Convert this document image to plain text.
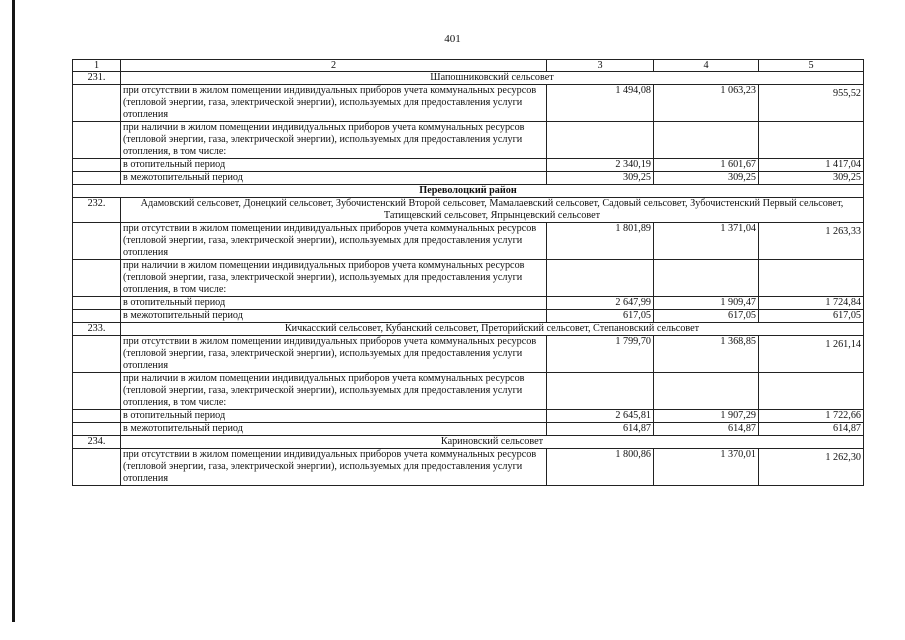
401
1	2	3	4	5
231.	Шапошниковский сельсовет			
	при отсутствии в жилом помещении индивидуальных приборов учета коммунальных ресурсов (тепловой энергии, газа, электрической энергии), используемых для предоставления услуги отопления	1 494,08	1 063,23	955,52
	при наличии в жилом помещении индивидуальных приборов учета коммунальных ресурсов (тепловой энергии, газа, электрической энергии), используемых для предоставления услуги отопления, в том числе:			
	в отопительный период	2 340,19	1 601,67	1 417,04
	в межотопительный период	309,25	309,25	309,25
Переволоцкий район				
232.	Адамовский сельсовет, Донецкий сельсовет, Зубочистенский Второй сельсовет, Мамалаевский сельсовет, Садовый сельсовет, Зубочистенский Первый сельсовет, Татищевский сельсовет, Япрынцевский сельсовет			
	при отсутствии в жилом помещении индивидуальных приборов учета коммунальных ресурсов (тепловой энергии, газа, электрической энергии), используемых для предоставления услуги отопления	1 801,89	1 371,04	1 263,33
	при наличии в жилом помещении индивидуальных приборов учета коммунальных ресурсов (тепловой энергии, газа, электрической энергии), используемых для предоставления услуги отопления, в том числе:			
	в отопительный период	2 647,99	1 909,47	1 724,84
	в межотопительный период	617,05	617,05	617,05
233.	Кичкасский сельсовет, Кубанский сельсовет, Преторийский сельсовет, Степановский сельсовет			
	при отсутствии в жилом помещении индивидуальных приборов учета коммунальных ресурсов (тепловой энергии, газа, электрической энергии), используемых для предоставления услуги отопления	1 799,70	1 368,85	1 261,14
	при наличии в жилом помещении индивидуальных приборов учета коммунальных ресурсов (тепловой энергии, газа, электрической энергии), используемых для предоставления услуги отопления, в том числе:			
	в отопительный период	2 645,81	1 907,29	1 722,66
	в межотопительный период	614,87	614,87	614,87
234.	Кариновский сельсовет			
	при отсутствии в жилом помещении индивидуальных приборов учета коммунальных ресурсов (тепловой энергии, газа, электрической энергии), используемых для предоставления услуги отопления	1 800,86	1 370,01	1 262,30
